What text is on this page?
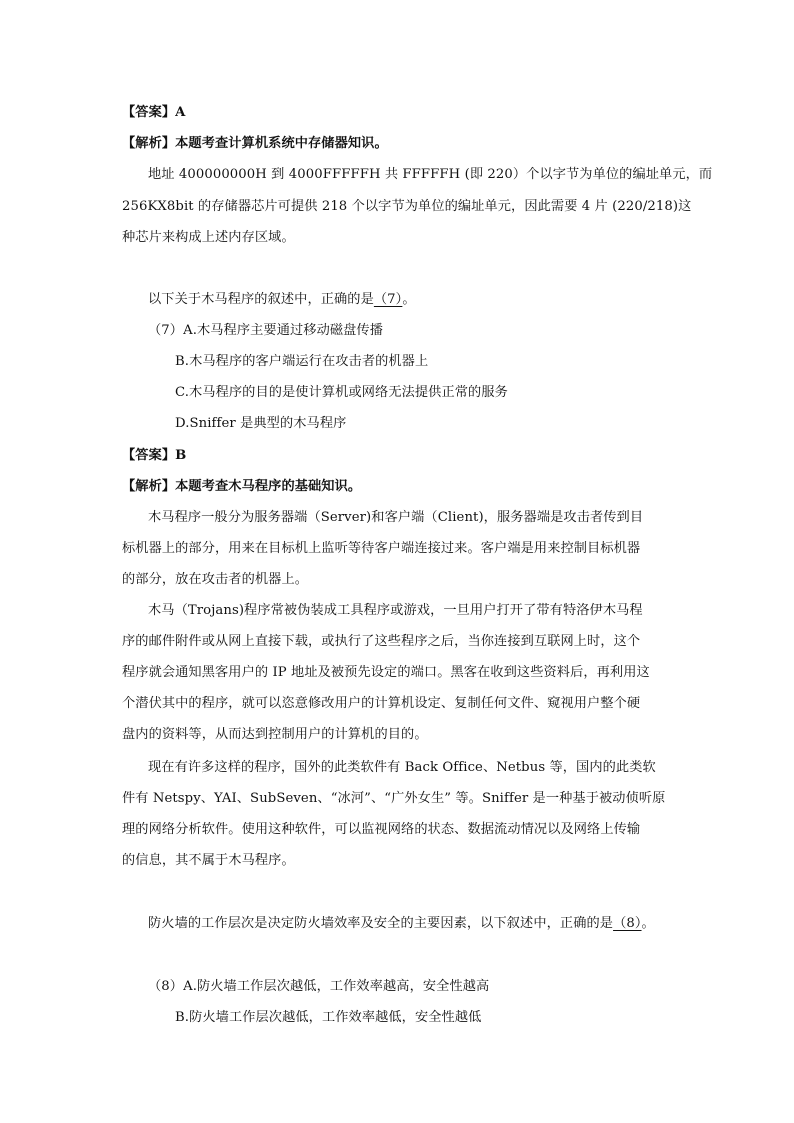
【答案】A
【解析】本题考查计算机系统中存储器知识。
地址 400000000H 到 4000FFFFFH 共 FFFFFH (即 220）个以字节为单位的编址单元，而
256KX8bit 的存储器芯片可提供 218 个以字节为单位的编址单元，因此需要 4 片 (220/218)这
种芯片来构成上述内存区域。
以下关于木马程序的叙述中，正确的是（7）。
（7）A.木马程序主要通过移动磁盘传播
B.木马程序的客户端运行在攻击者的机器上
C.木马程序的目的是使计算机或网络无法提供正常的服务
D.Sniffer 是典型的木马程序
【答案】B
【解析】本题考查木马程序的基础知识。
木马程序一般分为服务器端（Server)和客户端（Client)，服务器端是攻击者传到目
标机器上的部分，用来在目标机上监听等待客户端连接过来。客户端是用来控制目标机器
的部分，放在攻击者的机器上。
木马（Trojans)程序常被伪装成工具程序或游戏，一旦用户打开了带有特洛伊木马程
序的邮件附件或从网上直接下载，或执行了这些程序之后，当你连接到互联网上时，这个
程序就会通知黑客用户的 IP 地址及被预先设定的端口。黑客在收到这些资料后，再利用这
个潜伏其中的程序，就可以恣意修改用户的计算机设定、复制任何文件、窥视用户整个硬
盘内的资料等，从而达到控制用户的计算机的目的。
现在有许多这样的程序，国外的此类软件有 Back Office、Netbus 等，国内的此类软
件有 Netspy、YAI、SubSeven、“冰河”、“广外女生” 等。Sniffer 是一种基于被动侦听原
理的网络分析软件。使用这种软件，可以监视网络的状态、数据流动情况以及网络上传输
的信息，其不属于木马程序。
防火墙的工作层次是决定防火墙效率及安全的主要因素，以下叙述中，正确的是（8）。
（8）A.防火墙工作层次越低，工作效率越高，安全性越高
B.防火墙工作层次越低，工作效率越低，安全性越低
